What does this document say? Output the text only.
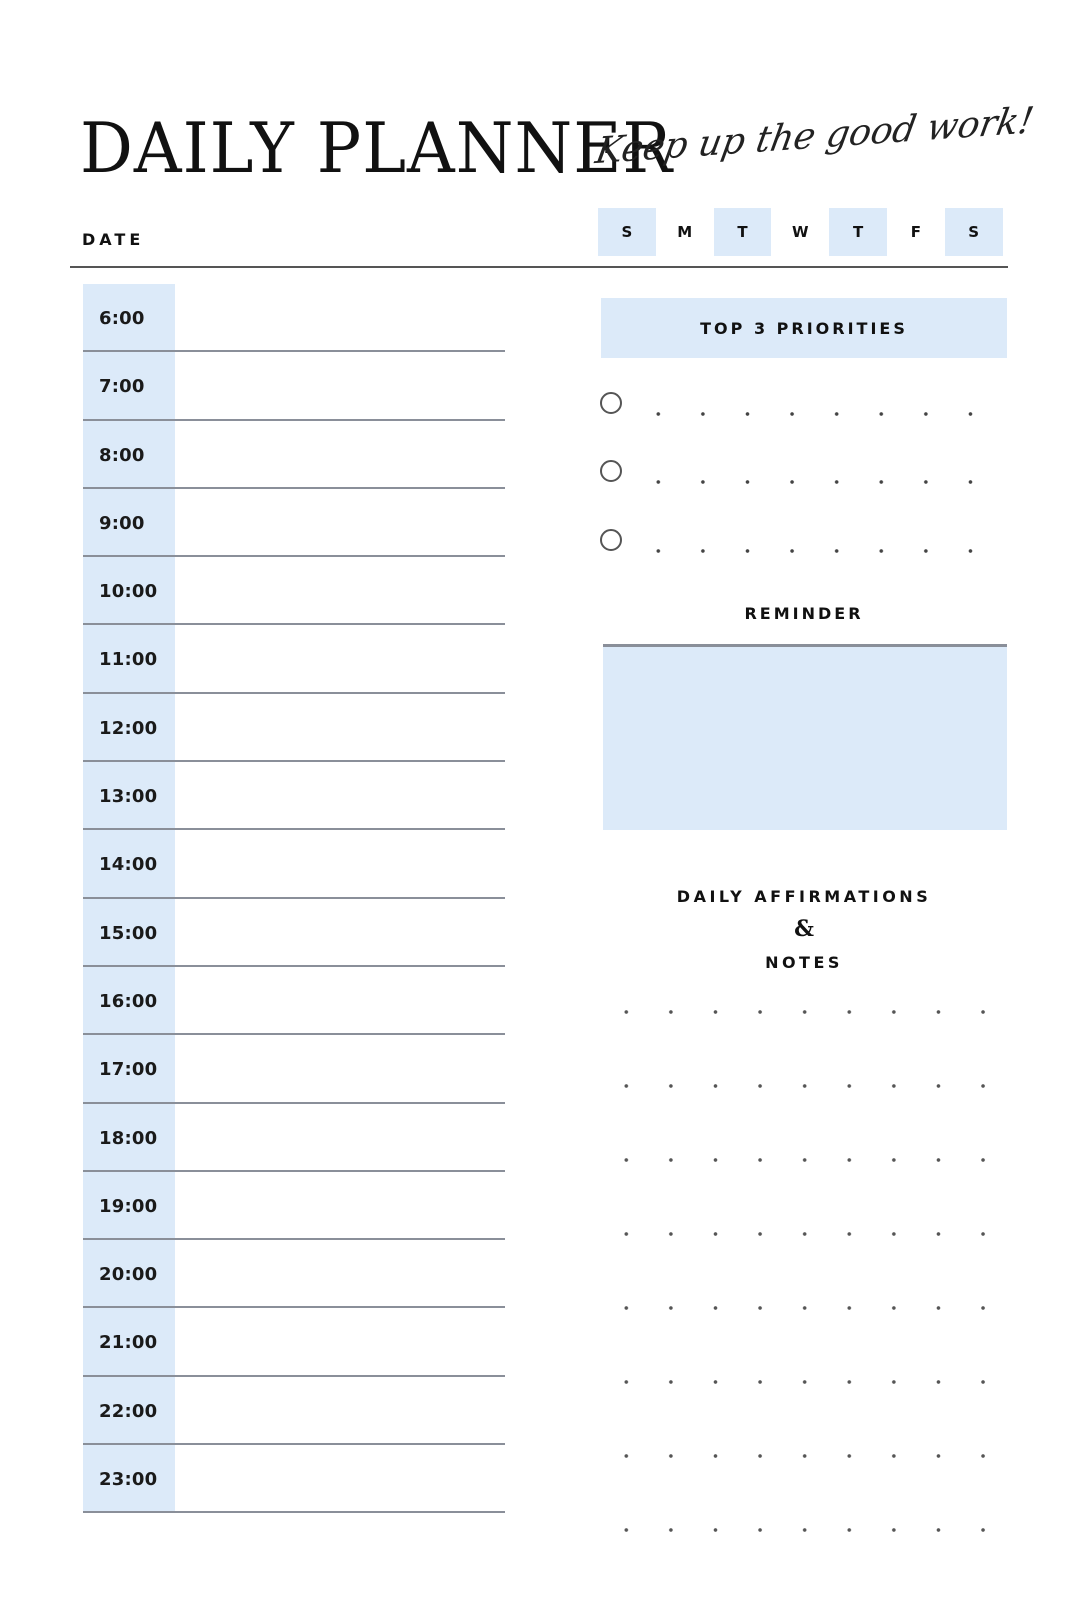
DAILY PLANNER
Keep up the good work!
DATE	S	M	T	W	T	F	S
6:00
7:00
8:00
9:00
10:00
11:00
12:00
13:00
14:00
15:00
16:00
17:00
18:00
19:00
20:00
21:00
22:00
23:00
TOP 3 PRIORITIES
REMINDER
DAILY AFFIRMATIONS
&
NOTES
